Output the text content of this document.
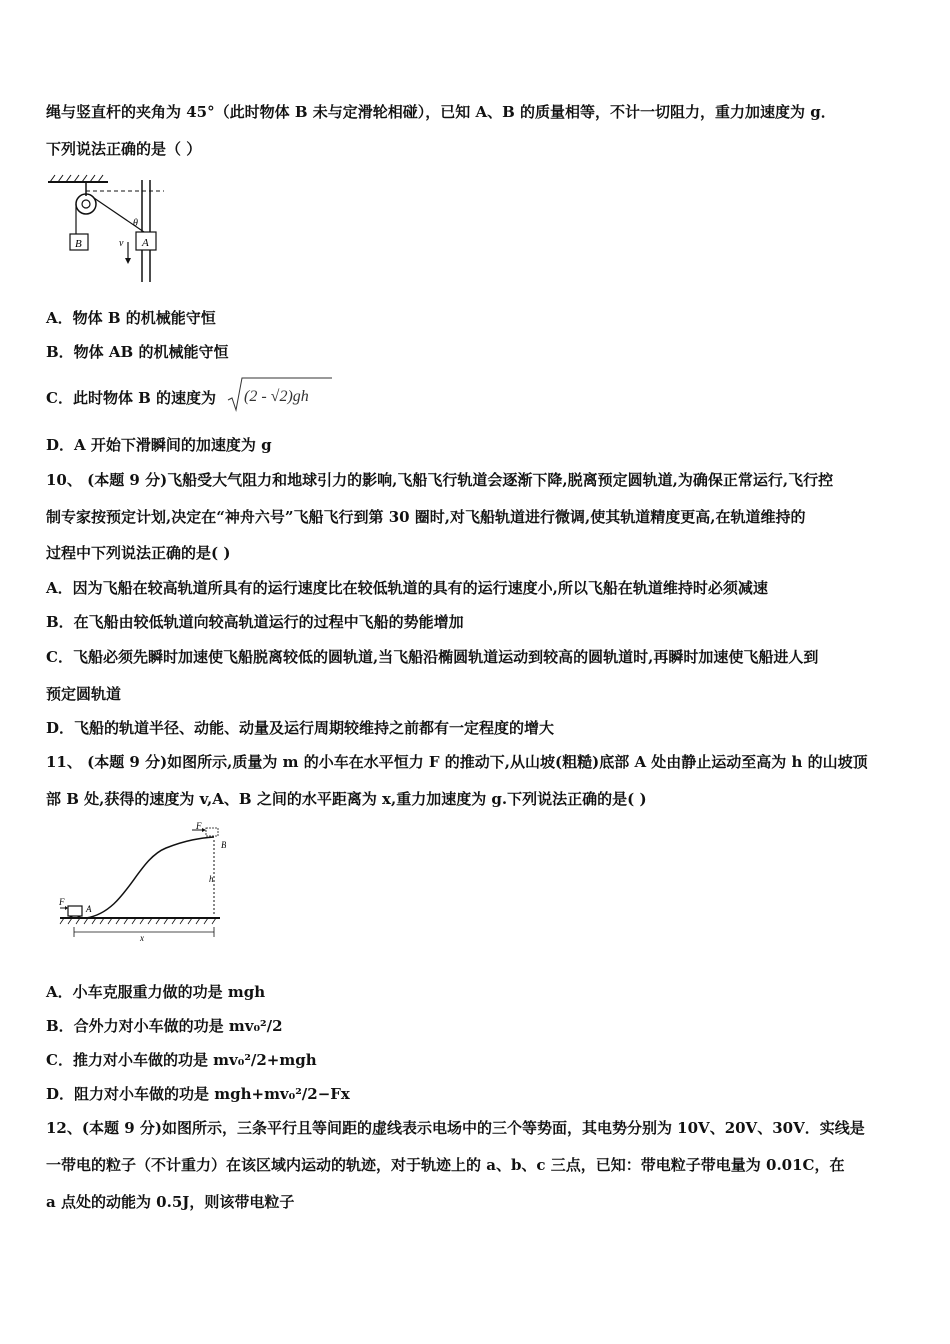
绳与竖直杆的夹角为 45°（此时物体 B 未与定滑轮相碰），已知 A、B 的质量相等，不计一切阻力，重力加速度为 g．
下列说法正确的是（ ）
B	A
θ
v
A．物体 B 的机械能守恒
B．物体 AB 的机械能守恒
C．此时物体 B 的速度为 (2 - √2)gh
D．A 开始下滑瞬间的加速度为 g
10、 (本题 9 分)飞船受大气阻力和地球引力的影响,飞船飞行轨道会逐渐下降,脱离预定圆轨道,为确保正常运行,飞行控
制专家按预定计划,决定在“神舟六号”飞船飞行到第 30 圈时,对飞船轨道进行微调,使其轨道精度更高,在轨道维持的
过程中下列说法正确的是( )
A．因为飞船在较高轨道所具有的运行速度比在较低轨道的具有的运行速度小,所以飞船在轨道维持时必须减速
B．在飞船由较低轨道向较高轨道运行的过程中飞船的势能增加
C．飞船必须先瞬时加速使飞船脱离较低的圆轨道,当飞船沿椭圆轨道运动到较高的圆轨道时,再瞬时加速使飞船进人到
预定圆轨道
D．飞船的轨道半径、动能、动量及运行周期较维持之前都有一定程度的增大
11、 (本题 9 分)如图所示,质量为 m 的小车在水平恒力 F 的推动下,从山坡(粗糙)底部 A 处由静止运动至高为 h 的山坡顶
部 B 处,获得的速度为 v,A、B 之间的水平距离为 x,重力加速度为 g.下列说法正确的是( )
h
F
B
F
A
x
A．小车克服重力做的功是 mgh
B．合外力对小车做的功是 mv₀²/2
C．推力对小车做的功是 mv₀²/2+mgh
D．阻力对小车做的功是 mgh+mv₀²/2−Fx
12、(本题 9 分)如图所示，三条平行且等间距的虚线表示电场中的三个等势面，其电势分别为 10V、20V、30V．实线是
一带电的粒子（不计重力）在该区域内运动的轨迹，对于轨迹上的 a、b、c 三点，已知：带电粒子带电量为 0.01C，在
a 点处的动能为 0.5J，则该带电粒子
